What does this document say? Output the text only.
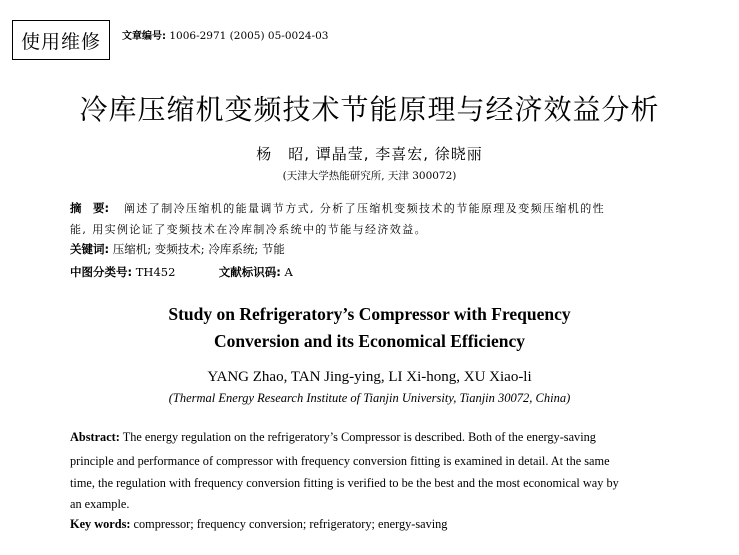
使用维修	文章编号: 1006-2971 (2005) 05-0024-03
冷库压缩机变频技术节能原理与经济效益分析
杨　昭, 谭晶莹, 李喜宏, 徐晓丽
(天津大学热能研究所, 天津 300072)
摘　要: 阐述了制冷压缩机的能量调节方式, 分析了压缩机变频技术的节能原理及变频压缩机的性
能, 用实例论证了变频技术在冷库制冷系统中的节能与经济效益。
关键词: 压缩机; 变频技术; 冷库系统; 节能
中图分类号: TH452	文献标识码: A
Study on Refrigeratory’s Compressor with Frequency
Conversion and its Economical Efficiency
YANG Zhao, TAN Jing-ying, LI Xi-hong, XU Xiao-li
(Thermal Energy Research Institute of Tianjin University, Tianjin 30072, China)
Abstract: The energy regulation on the refrigeratory’s Compressor is described. Both of the energy-saving
principle and performance of compressor with frequency conversion fitting is examined in detail. At the same
time, the regulation with frequency conversion fitting is verified to be the best and the most economical way by
an example.
Key words: compressor; frequency conversion; refrigeratory; energy-saving
